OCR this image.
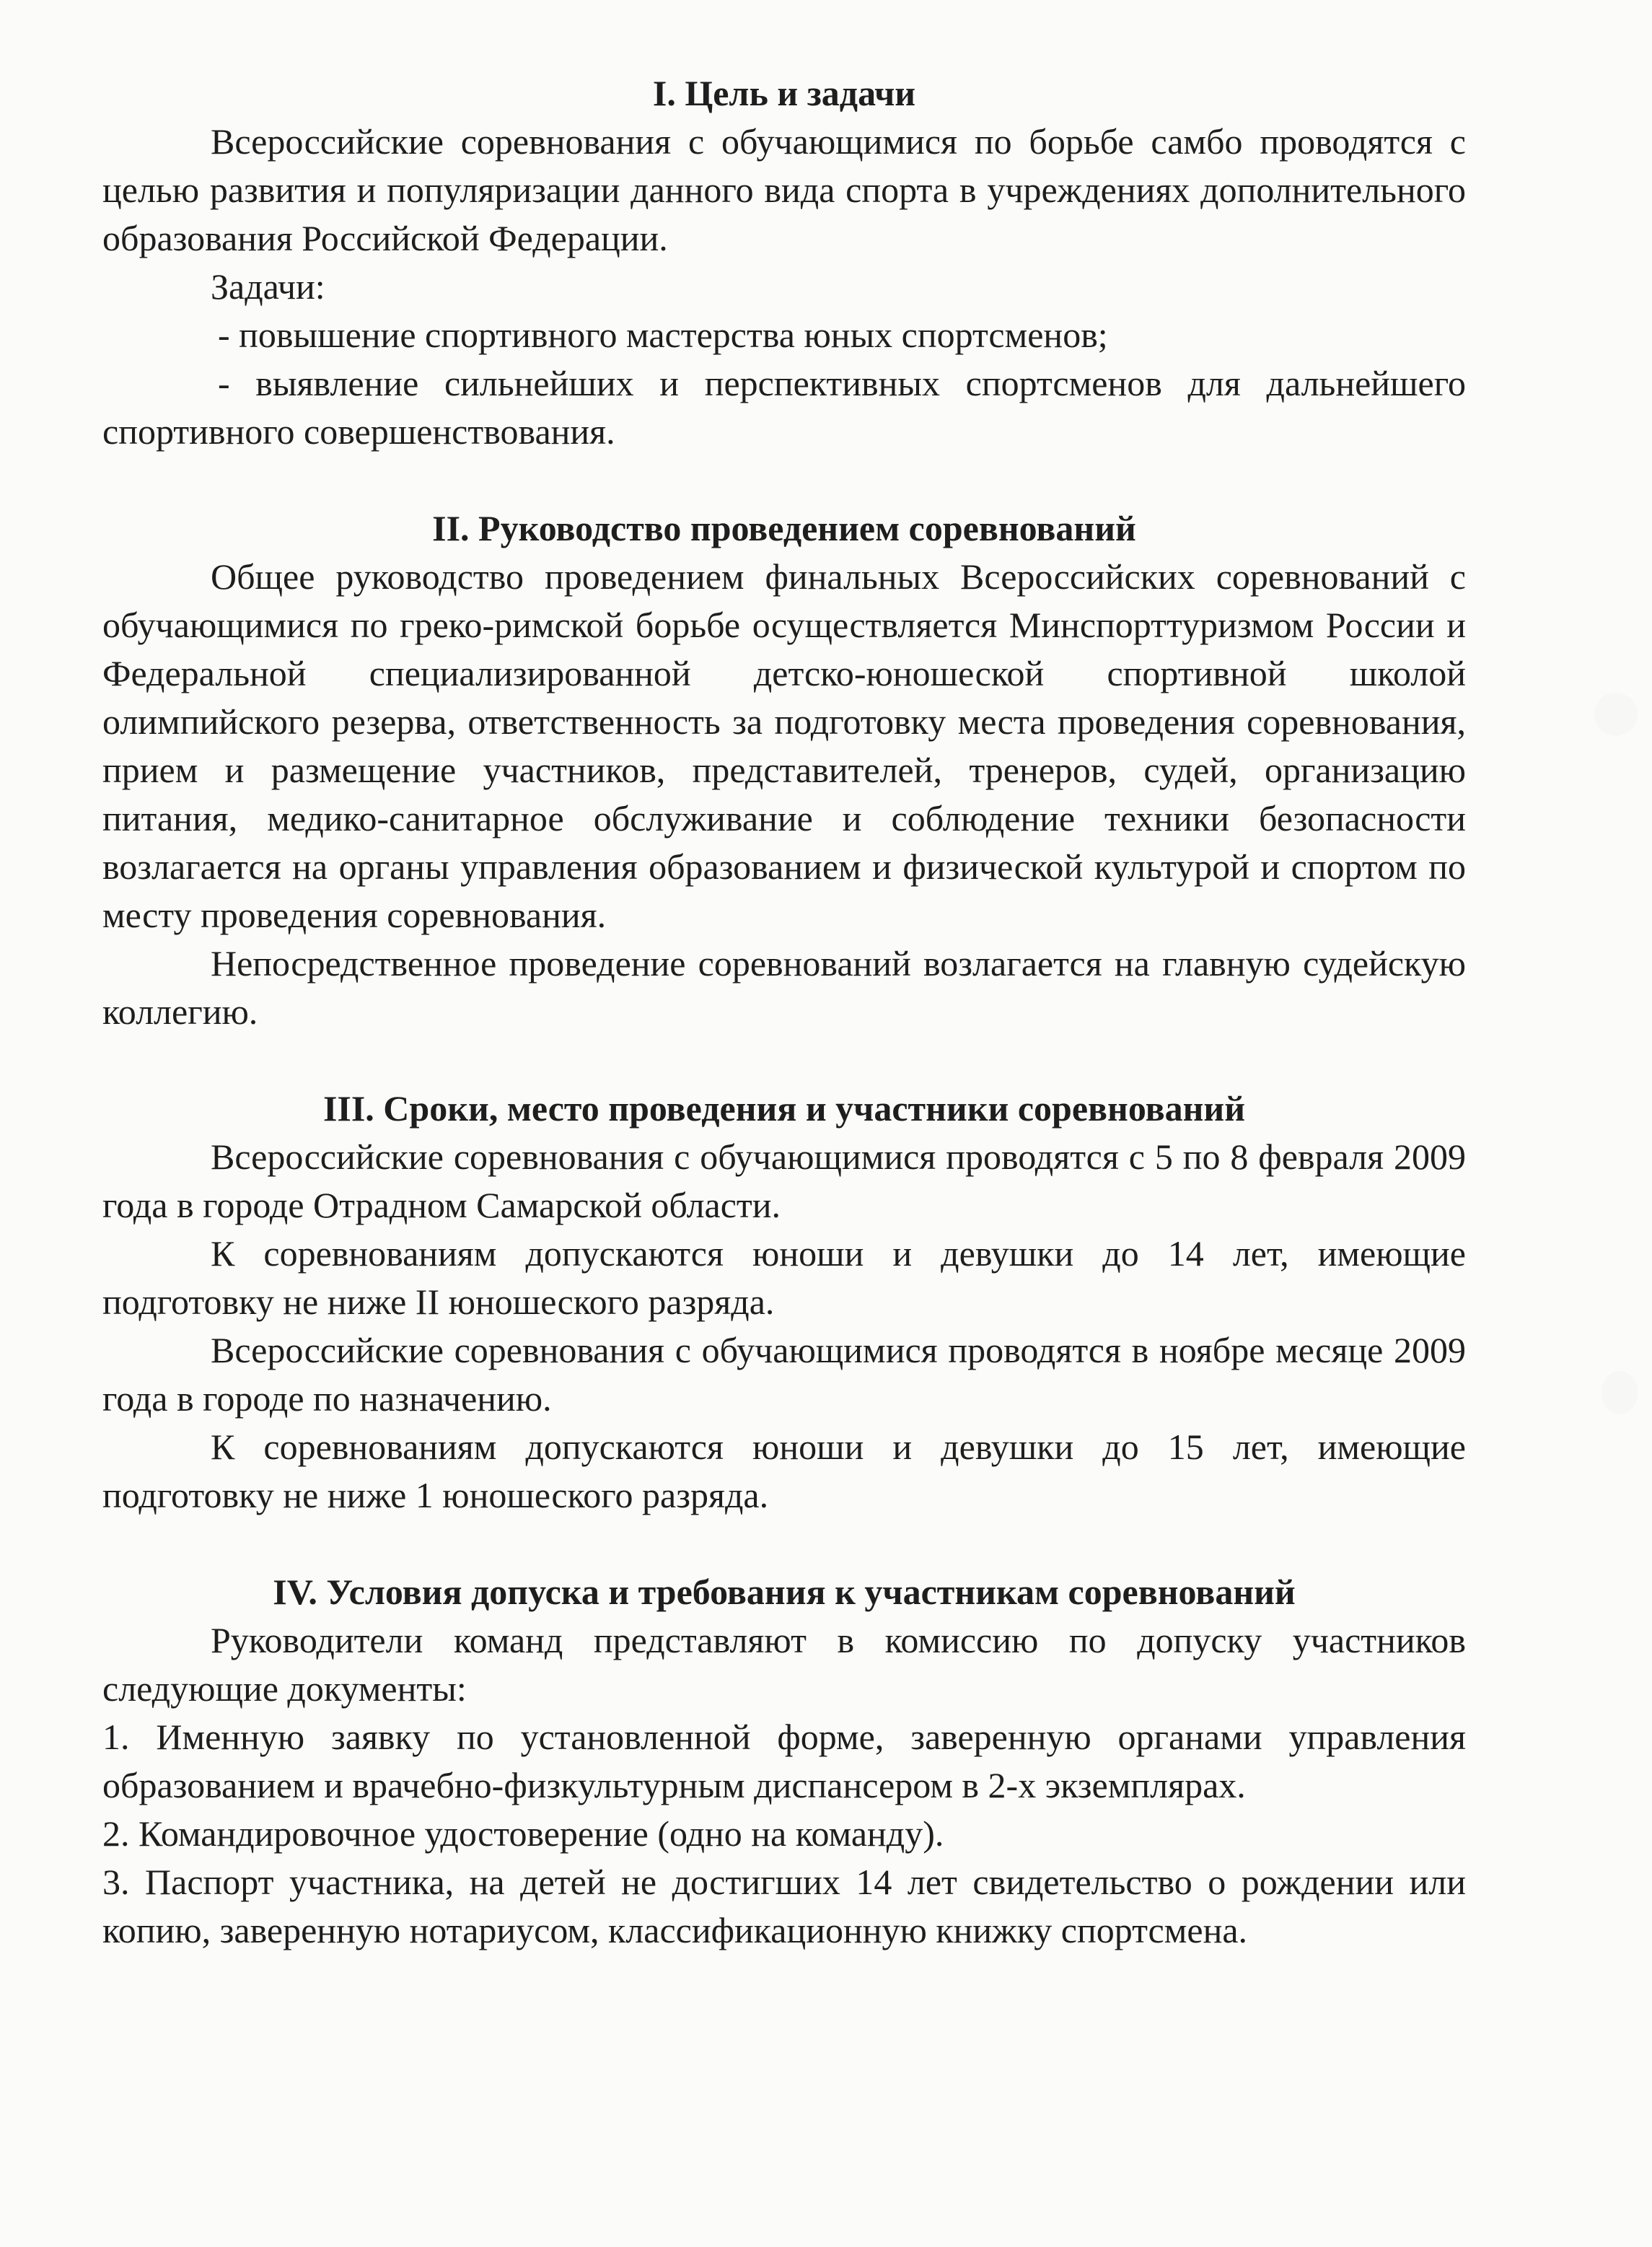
I. Цель и задачи

Всероссийские соревнования с обучающимися по борьбе самбо проводятся с целью развития и популяризации данного вида спорта в учреждениях дополнительного образования Российской Федерации.

Задачи:

- повышение спортивного мастерства юных спортсменов;

- выявление сильнейших и перспективных спортсменов для дальнейшего спортивного совершенствования.

II. Руководство проведением соревнований

Общее руководство проведением финальных Всероссийских соревнований с обучающимися по греко-римской борьбе осуществляется Минспорттуризмом России и Федеральной специализированной детско-юношеской спортивной школой олимпийского резерва, ответственность за подготовку места проведения соревнования, прием и размещение участников, представителей, тренеров, судей, организацию питания, медико-санитарное обслуживание и соблюдение техники безопасности возлагается на органы управления образованием и физической культурой и спортом по месту проведения соревнования.

Непосредственное проведение соревнований возлагается на главную судейскую коллегию.

III. Сроки, место проведения и участники соревнований

Всероссийские соревнования с обучающимися проводятся с 5 по 8 февраля 2009 года в городе Отрадном Самарской области.

К соревнованиям допускаются юноши и девушки до 14 лет, имеющие подготовку не ниже II юношеского разряда.

Всероссийские соревнования с обучающимися проводятся в ноябре месяце 2009 года в городе по назначению.

К соревнованиям допускаются юноши и девушки до 15 лет, имеющие подготовку не ниже 1 юношеского разряда.

IV. Условия допуска и требования к участникам соревнований

Руководители команд представляют в комиссию по допуску участников следующие документы:

1. Именную заявку по установленной форме, заверенную органами управления образованием и врачебно-физкультурным диспансером в 2-х экземплярах.

2. Командировочное удостоверение (одно на команду).

3. Паспорт участника, на детей не достигших 14 лет свидетельство о рождении или копию, заверенную нотариусом, классификационную книжку спортсмена.
